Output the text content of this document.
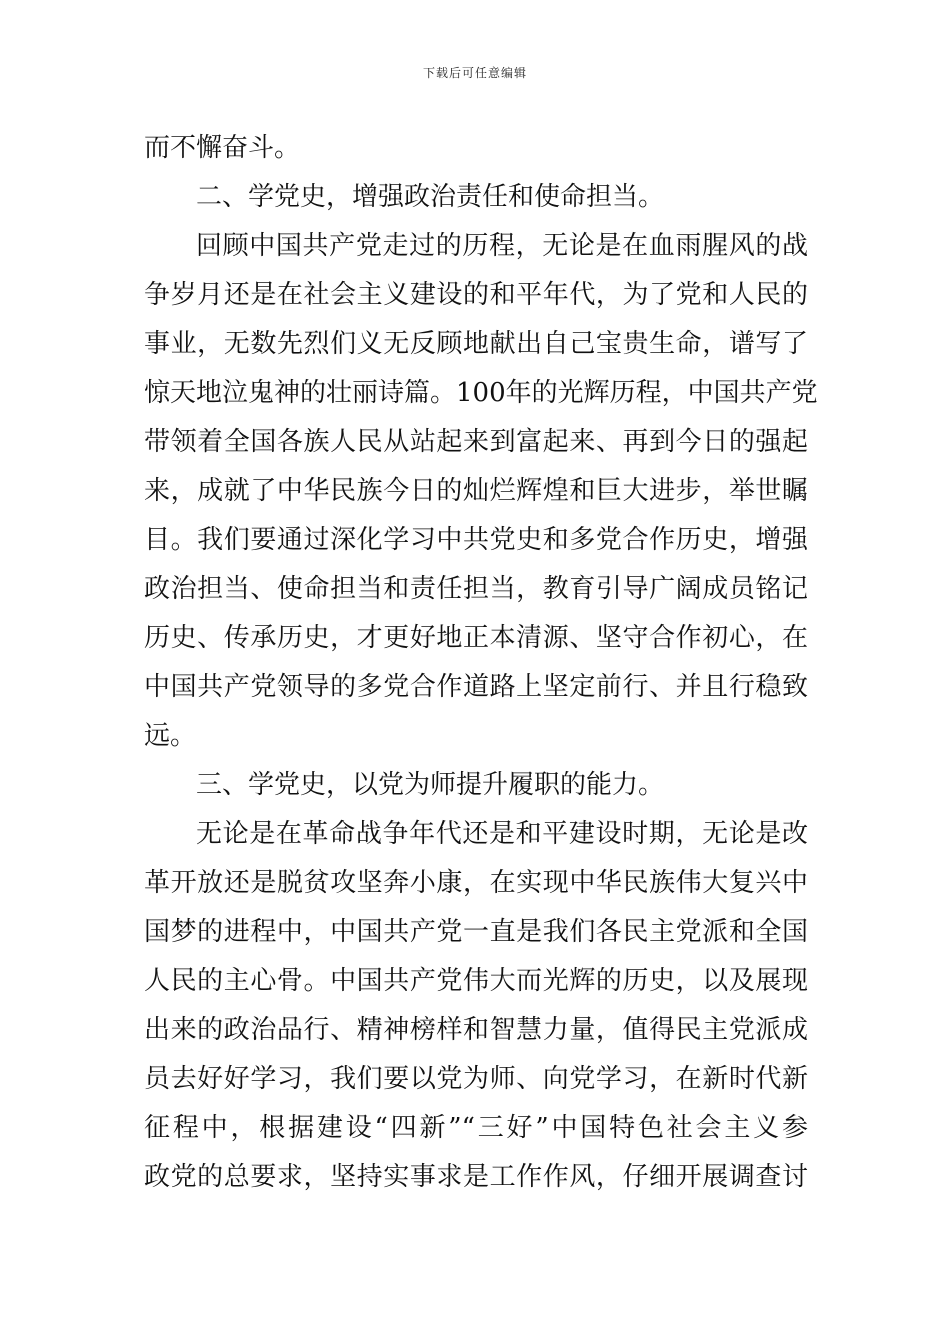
下载后可任意编辑
而不懈奋斗。
二、学党史，增强政治责任和使命担当。
回顾中国共产党走过的历程，无论是在血雨腥风的战
争岁月还是在社会主义建设的和平年代，为了党和人民的
事业，无数先烈们义无反顾地献出自己宝贵生命，谱写了
惊天地泣鬼神的壮丽诗篇。100年的光辉历程，中国共产党
带领着全国各族人民从站起来到富起来、再到今日的强起
来，成就了中华民族今日的灿烂辉煌和巨大进步，举世瞩
目。我们要通过深化学习中共党史和多党合作历史，增强
政治担当、使命担当和责任担当，教育引导广阔成员铭记
历史、传承历史，才更好地正本清源、坚守合作初心，在
中国共产党领导的多党合作道路上坚定前行、并且行稳致
远。
三、学党史，以党为师提升履职的能力。
无论是在革命战争年代还是和平建设时期，无论是改
革开放还是脱贫攻坚奔小康，在实现中华民族伟大复兴中
国梦的进程中，中国共产党一直是我们各民主党派和全国
人民的主心骨。中国共产党伟大而光辉的历史，以及展现
出来的政治品行、精神榜样和智慧力量，值得民主党派成
员去好好学习，我们要以党为师、向党学习，在新时代新
征程中，根据建设“四新”“三好”中国特色社会主义参
政党的总要求，坚持实事求是工作作风，仔细开展调查讨
